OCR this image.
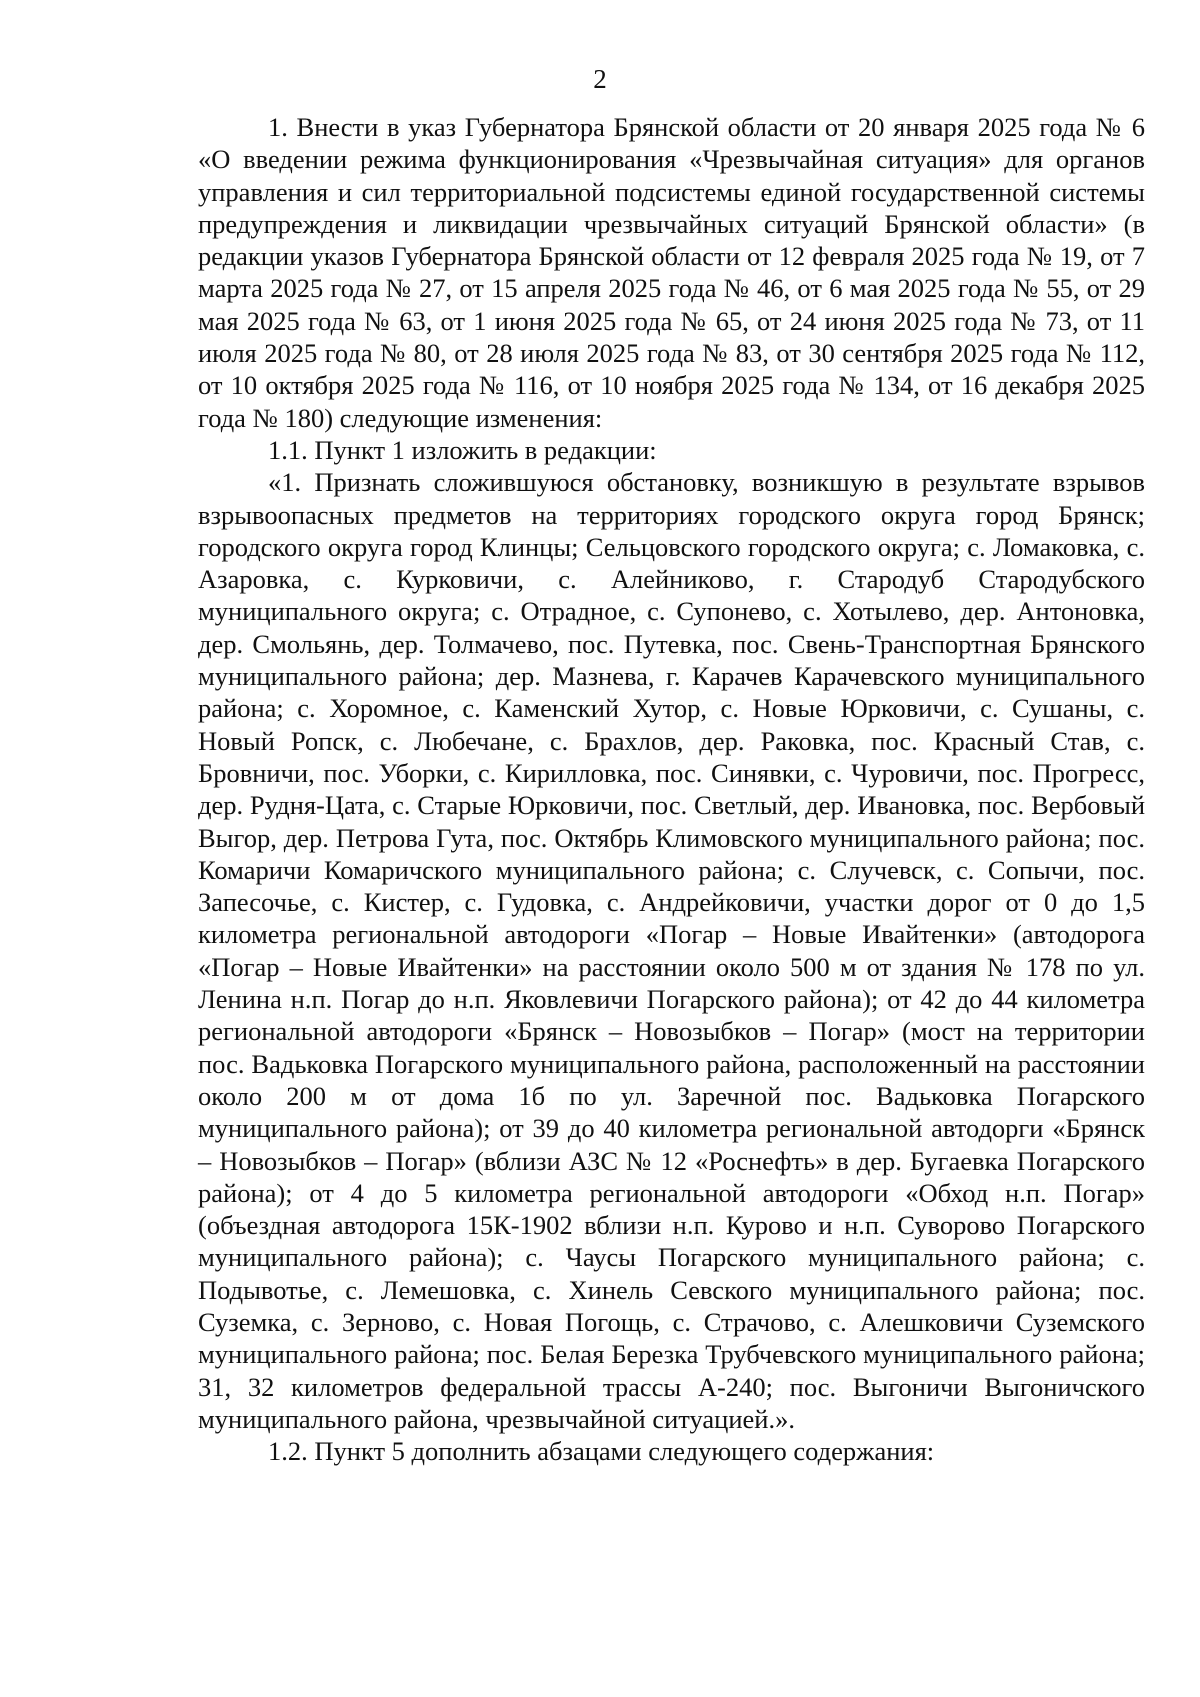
2

1. Внести в указ Губернатора Брянской области от 20 января 2025 года № 6 «О введении режима функционирования «Чрезвычайная ситуация» для органов управления и сил территориальной подсистемы единой государственной системы предупреждения и ликвидации чрезвычайных ситуаций Брянской области» (в редакции указов Губернатора Брянской области от 12 февраля 2025 года № 19, от 7 марта 2025 года № 27, от 15 апреля 2025 года № 46, от 6 мая 2025 года № 55, от 29 мая 2025 года № 63, от 1 июня 2025 года № 65, от 24 июня 2025 года № 73, от 11 июля 2025 года № 80, от 28 июля 2025 года № 83, от 30 сентября 2025 года № 112, от 10 октября 2025 года № 116, от 10 ноября 2025 года № 134, от 16 декабря 2025 года № 180) следующие изменения:

1.1. Пункт 1 изложить в редакции:

«1. Признать сложившуюся обстановку, возникшую в результате взрывов взрывоопасных предметов на территориях городского округа город Брянск; городского округа город Клинцы; Сельцовского городского округа; с. Ломаковка, с. Азаровка, с. Курковичи, с. Алейниково, г. Стародуб Стародубского муниципального округа; с. Отрадное, с. Супонево, с. Хотылево, дер. Антоновка, дер. Смольянь, дер. Толмачево, пос. Путевка, пос. Свень-Транспортная Брянского муниципального района; дер. Мазнева, г. Карачев Карачевского муниципального района; с. Хоромное, с. Каменский Хутор, с. Новые Юрковичи, с. Сушаны, с. Новый Ропск, с. Любечане, с. Брахлов, дер. Раковка, пос. Красный Став, с. Бровничи, пос. Уборки, с. Кирилловка, пос. Синявки, с. Чуровичи, пос. Прогресс, дер. Рудня-Цата, с. Старые Юрковичи, пос. Светлый, дер. Ивановка, пос. Вербовый Выгор, дер. Петрова Гута, пос. Октябрь Климовского муниципального района; пос. Комаричи Комаричского муниципального района; с. Случевск, с. Сопычи, пос. Запесочье, с. Кистер, с. Гудовка, с. Андрейковичи, участки дорог от 0 до 1,5 километра региональной автодороги «Погар – Новые Ивайтенки» (автодорога «Погар – Новые Ивайтенки» на расстоянии около 500 м от здания № 178 по ул. Ленина н.п. Погар до н.п. Яковлевичи Погарского района); от 42 до 44 километра региональной автодороги «Брянск – Новозыбков – Погар» (мост на территории пос. Вадьковка Погарского муниципального района, расположенный на расстоянии около 200 м от дома 1б по ул. Заречной пос. Вадьковка Погарского муниципального района); от 39 до 40 километра региональной автодорги «Брянск – Новозыбков – Погар» (вблизи АЗС № 12 «Роснефть» в дер. Бугаевка Погарского района); от 4 до 5 километра региональной автодороги «Обход н.п. Погар» (объездная автодорога 15К-1902 вблизи н.п. Курово и н.п. Суворово Погарского муниципального района); с. Чаусы Погарского муниципального района; с. Подывотье, с. Лемешовка, с. Хинель Севского муниципального района; пос. Суземка, с. Зерново, с. Новая Погощь, с. Страчово, с. Алешковичи Суземского муниципального района; пос. Белая Березка Трубчевского муниципального района; 31, 32 километров федеральной трассы А-240; пос. Выгоничи Выгоничского муниципального района, чрезвычайной ситуацией.».

1.2. Пункт 5 дополнить абзацами следующего содержания:
